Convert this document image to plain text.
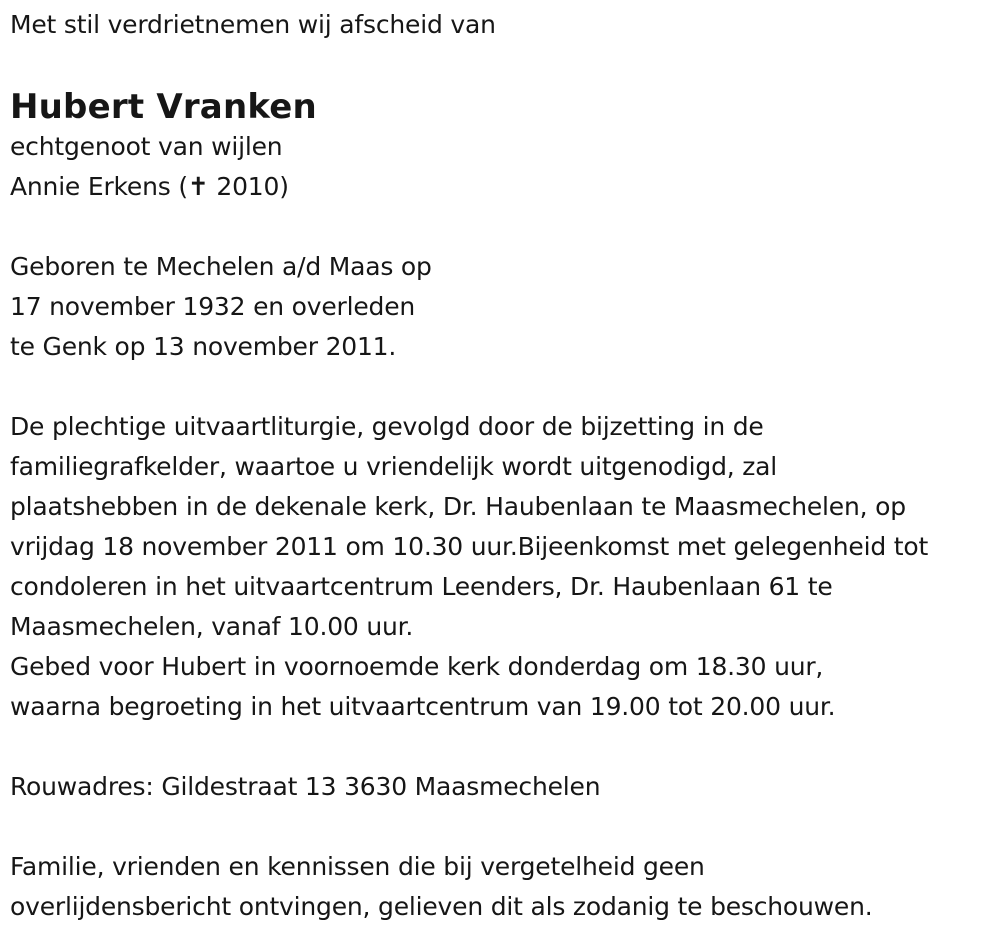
Met stil verdrietnemen wij afscheid van
Hubert Vranken
echtgenoot van wijlen
Annie Erkens (✝ 2010)
Geboren te Mechelen a/d Maas op
17 november 1932 en overleden
te Genk op 13 november 2011.
De plechtige uitvaartliturgie, gevolgd door de bijzetting in de
familiegrafkelder, waartoe u vriendelijk wordt uitgenodigd, zal
plaatshebben in de dekenale kerk, Dr. Haubenlaan te Maasmechelen, op
vrijdag 18 november 2011 om 10.30 uur.Bijeenkomst met gelegenheid tot
condoleren in het uitvaartcentrum Leenders, Dr. Haubenlaan 61 te
Maasmechelen, vanaf 10.00 uur.
Gebed voor Hubert in voornoemde kerk donderdag om 18.30 uur,
waarna begroeting in het uitvaartcentrum van 19.00 tot 20.00 uur.
Rouwadres: Gildestraat 13 3630 Maasmechelen
Familie, vrienden en kennissen die bij vergetelheid geen
overlijdensbericht ontvingen, gelieven dit als zodanig te beschouwen.
